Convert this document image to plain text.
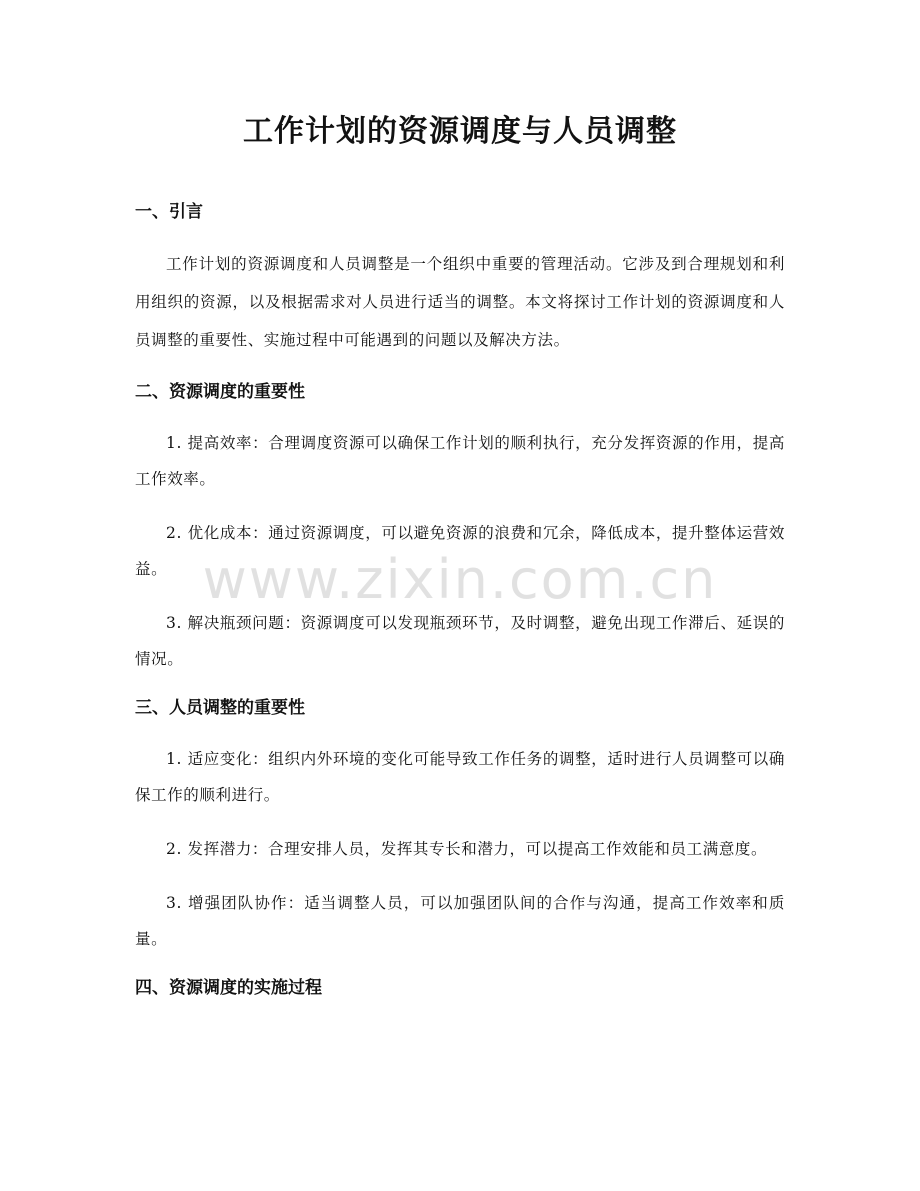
www.zixin.com.cn
工作计划的资源调度与人员调整
一、引言

工作计划的资源调度和人员调整是一个组织中重要的管理活动。它涉及到合理规划和利用组织的资源，以及根据需求对人员进行适当的调整。本文将探讨工作计划的资源调度和人员调整的重要性、实施过程中可能遇到的问题以及解决方法。

二、资源调度的重要性

1. 提高效率：合理调度资源可以确保工作计划的顺利执行，充分发挥资源的作用，提高工作效率。

2. 优化成本：通过资源调度，可以避免资源的浪费和冗余，降低成本，提升整体运营效益。

3. 解决瓶颈问题：资源调度可以发现瓶颈环节，及时调整，避免出现工作滞后、延误的情况。

三、人员调整的重要性

1. 适应变化：组织内外环境的变化可能导致工作任务的调整，适时进行人员调整可以确保工作的顺利进行。

2. 发挥潜力：合理安排人员，发挥其专长和潜力，可以提高工作效能和员工满意度。

3. 增强团队协作：适当调整人员，可以加强团队间的合作与沟通，提高工作效率和质量。

四、资源调度的实施过程
